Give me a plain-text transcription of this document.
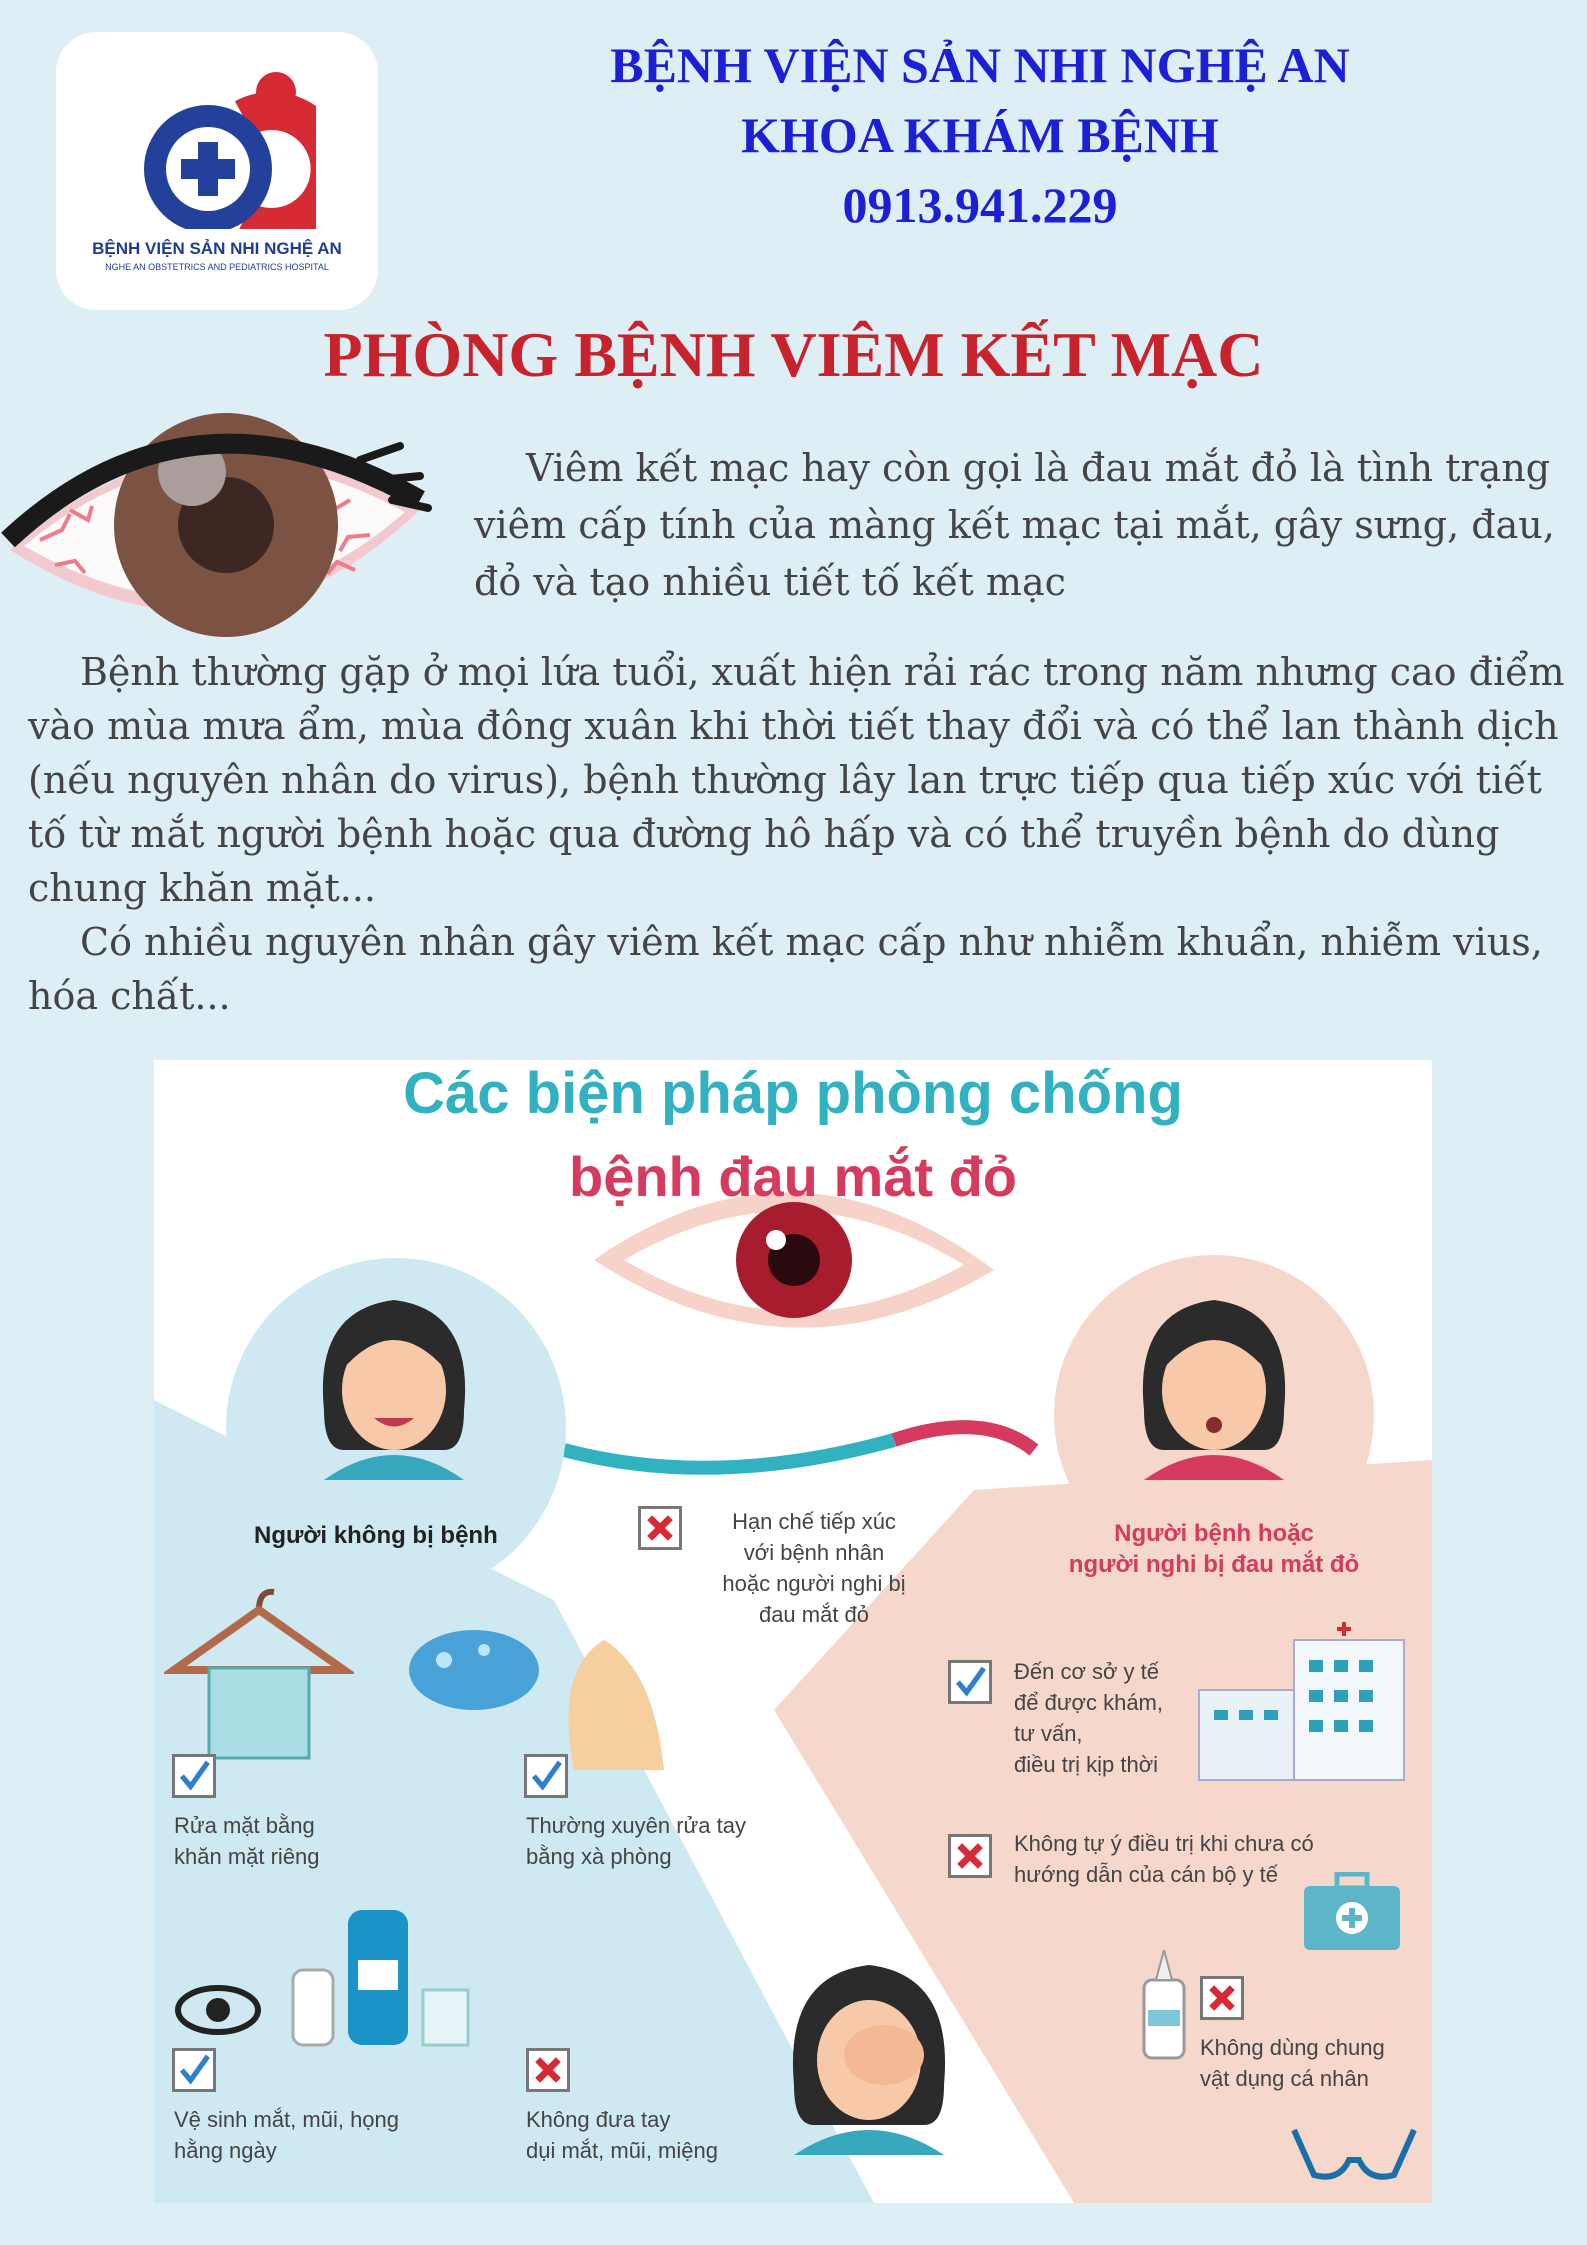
BỆNH VIỆN SẢN NHI NGHỆ AN
NGHE AN OBSTETRICS AND PEDIATRICS HOSPITAL
BỆNH VIỆN SẢN NHI NGHỆ AN
KHOA KHÁM BỆNH
0913.941.229
PHÒNG BỆNH VIÊM KẾT MẠC
Viêm kết mạc hay còn gọi là đau mắt đỏ là tình trạng viêm cấp tính của màng kết mạc tại mắt, gây sưng, đau, đỏ và tạo nhiều tiết tố kết mạc
Bệnh thường gặp ở mọi lứa tuổi, xuất hiện rải rác trong năm nhưng cao điểm vào mùa mưa ẩm, mùa đông xuân khi thời tiết thay đổi và có thể lan thành dịch (nếu nguyên nhân do virus), bệnh thường lây lan trực tiếp qua tiếp xúc với tiết tố từ mắt người bệnh hoặc qua đường hô hấp và có thể truyền bệnh do dùng chung khăn mặt...
Có nhiều nguyên nhân gây viêm kết mạc cấp như nhiễm khuẩn, nhiễm vius, hóa chất...
Các biện pháp phòng chống
bệnh đau mắt đỏ
Người không bị bệnh	Người bệnh hoặc
người nghi bị đau mắt đỏ
Hạn chế tiếp xúc
với bệnh nhân
hoặc người nghi bị
đau mắt đỏ
Rửa mặt bằng
khăn mặt riêng
Thường xuyên rửa tay
bằng xà phòng
Vệ sinh mắt, mũi, họng
hằng ngày
Không đưa tay
dụi mắt, mũi, miệng
Đến cơ sở y tế
để được khám,
tư vấn,
điều trị kịp thời
Không tự ý điều trị khi chưa có
hướng dẫn của cán bộ y tế
Không dùng chung
vật dụng cá nhân
